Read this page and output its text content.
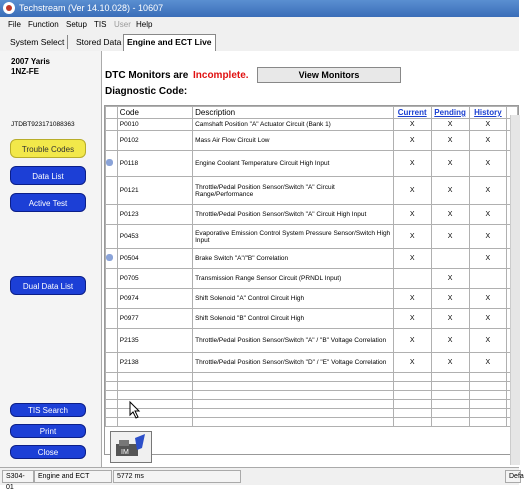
Techstream (Ver 14.10.028) - 10607
File Function Setup TIS User Help
System Select	Stored Data Engine and ECT Live
2007 Yaris
1NZ-FE
JTDBT923171088363
Trouble Codes
Data List
Active Test
Dual Data List
TIS Search
Print
Close
DTC Monitors are Incomplete.	View Monitors
Diagnostic Code:
	Code	Description	Current	Pending	History	
	P0010	Camshaft Position "A" Actuator Circuit (Bank 1)	X	X	X	
	P0102	Mass Air Flow Circuit Low	X	X	X	
	P0118	Engine Coolant Temperature Circuit High Input	X	X	X	
	P0121	Throttle/Pedal Position Sensor/Switch "A" Circuit Range/Performance	X	X	X	
	P0123	Throttle/Pedal Position Sensor/Switch "A" Circuit High Input	X	X	X	
	P0453	Evaporative Emission Control System Pressure Sensor/Switch High Input	X	X	X	
	P0504	Brake Switch "A"/"B" Correlation	X		X	
	P0705	Transmission Range Sensor Circuit (PRNDL Input)		X		
	P0974	Shift Solenoid "A" Control Circuit High	X	X	X	
	P0977	Shift Solenoid "B" Control Circuit High	X	X	X	
	P2135	Throttle/Pedal Position Sensor/Switch "A" / "B" Voltage Correlation	X	X	X	
	P2138	Throttle/Pedal Position Sensor/Switch "D" / "E" Voltage Correlation	X	X	X	

IM
S304-01
Engine and ECT	5772 ms	Defa
